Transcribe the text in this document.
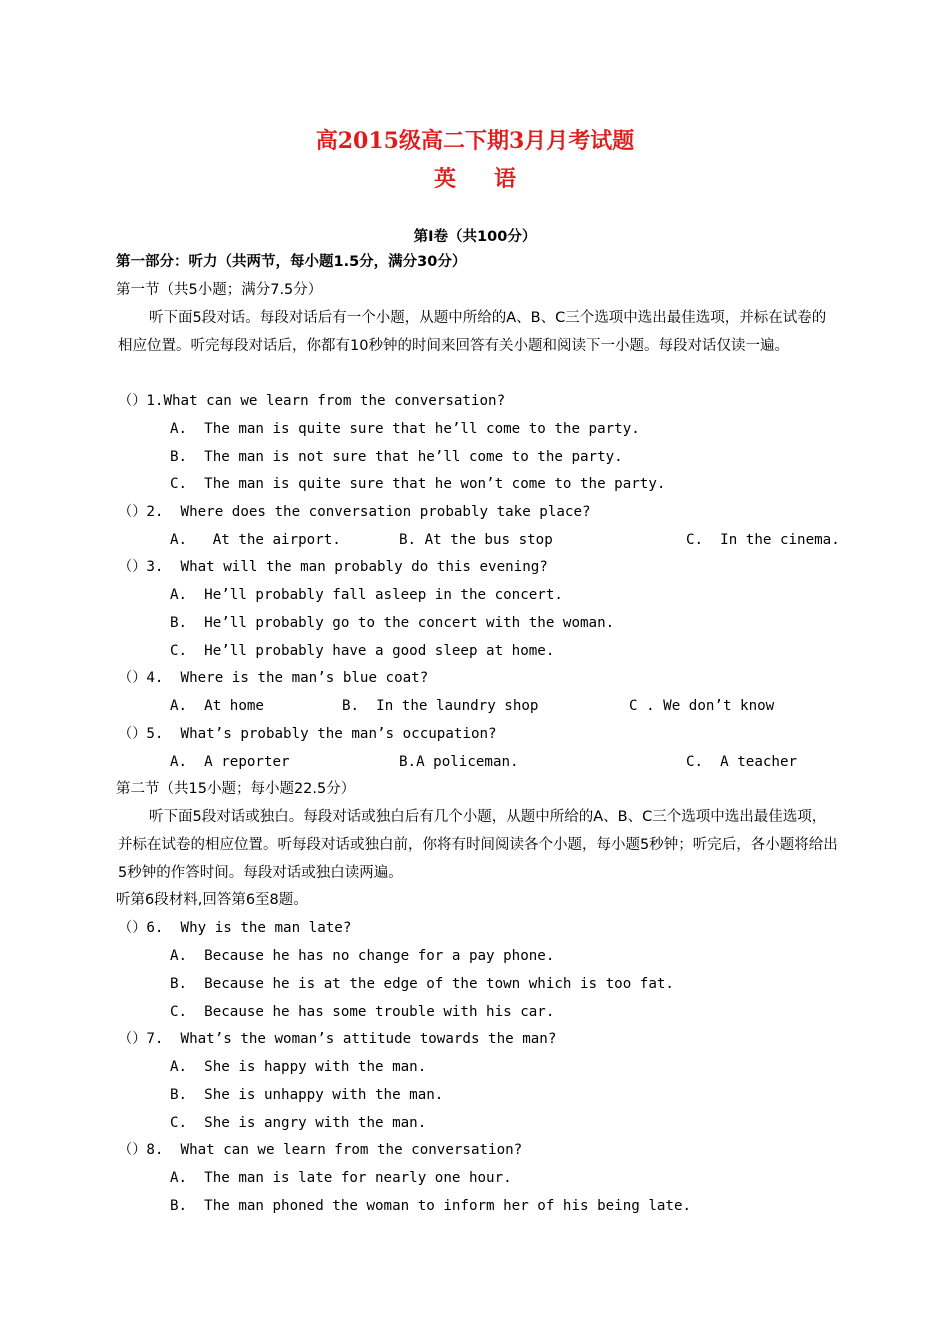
高2015级高二下期3月月考试题
英语
第Ⅰ卷（共100分）
第一部分：听力（共两节，每小题1.5分，满分30分）
第一节（共5小题；满分7.5分）
听下面5段对话。每段对话后有一个小题，从题中所给的A、B、C三个选项中选出最佳选项，并标在试卷的相应位置。听完每段对话后，你都有10秒钟的时间来回答有关小题和阅读下一小题。每段对话仅读一遍。
（）1.What can we learn from the conversation?
A.  The man is quite sure that he’ll come to the party.
B.  The man is not sure that he’ll come to the party.
C.  The man is quite sure that he won’t come to the party.
（）2.  Where does the conversation probably take place?
A.   At the airport.	B. At the bus stop	C.  In the cinema.
（）3.  What will the man probably do this evening?
A.  He’ll probably fall asleep in the concert.
B.  He’ll probably go to the concert with the woman.
C.  He’ll probably have a good sleep at home.
（）4.  Where is the man’s blue coat?
A.  At home	B.  In the laundry shop	C . We don’t know
（）5.  What’s probably the man’s occupation?
A.  A reporter	B.A policeman.	C.  A teacher
第二节（共15小题；每小题22.5分）
听下面5段对话或独白。每段对话或独白后有几个小题，从题中所给的A、B、C三个选项中选出最佳选项，并标在试卷的相应位置。听每段对话或独白前，你将有时间阅读各个小题，每小题5秒钟；听完后，各小题将给出5秒钟的作答时间。每段对话或独白读两遍。
听第6段材料,回答第6至8题。
（）6.  Why is the man late?
A.  Because he has no change for a pay phone.
B.  Because he is at the edge of the town which is too fat.
C.  Because he has some trouble with his car.
（）7.  What’s the woman’s attitude towards the man?
A.  She is happy with the man.
B.  She is unhappy with the man.
C.  She is angry with the man.
（）8.  What can we learn from the conversation?
A.  The man is late for nearly one hour.
B.  The man phoned the woman to inform her of his being late.
